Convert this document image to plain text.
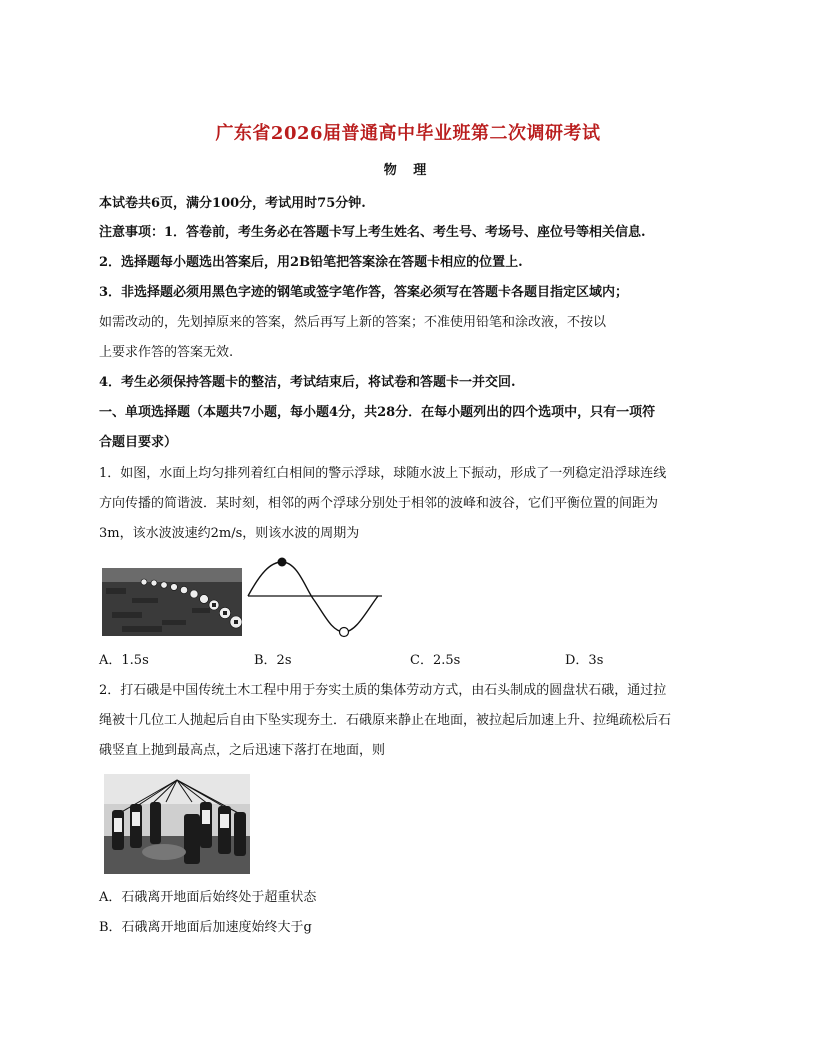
广东省2026届普通高中毕业班第二次调研考试
物 理
本试卷共6页，满分100分，考试用时75分钟.
注意事项：1．答卷前，考生务必在答题卡写上考生姓名、考生号、考场号、座位号等相关信息.
2．选择题每小题选出答案后，用2B铅笔把答案涂在答题卡相应的位置上.
3．非选择题必须用黑色字迹的钢笔或签字笔作答，答案必须写在答题卡各题目指定区域内；
如需改动的，先划掉原来的答案，然后再写上新的答案；不准使用铅笔和涂改液，不按以
上要求作答的答案无效.
4．考生必须保持答题卡的整洁，考试结束后，将试卷和答题卡一并交回.
一、单项选择题（本题共7小题，每小题4分，共28分．在每小题列出的四个选项中，只有一项符
合题目要求）
1．如图，水面上均匀排列着红白相间的警示浮球，球随水波上下振动，形成了一列稳定沿浮球连线
方向传播的简谐波．某时刻，相邻的两个浮球分别处于相邻的波峰和波谷，它们平衡位置的间距为
3m，该水波波速约2m/s，则该水波的周期为
A．1.5s	B．2s	C．2.5s	D．3s
2．打石硪是中国传统土木工程中用于夯实土质的集体劳动方式，由石头制成的圆盘状石硪，通过拉
绳被十几位工人抛起后自由下坠实现夯土．石硪原来静止在地面，被拉起后加速上升、拉绳疏松后石
硪竖直上抛到最高点，之后迅速下落打在地面，则
A．石硪离开地面后始终处于超重状态
B．石硪离开地面后加速度始终大于g
